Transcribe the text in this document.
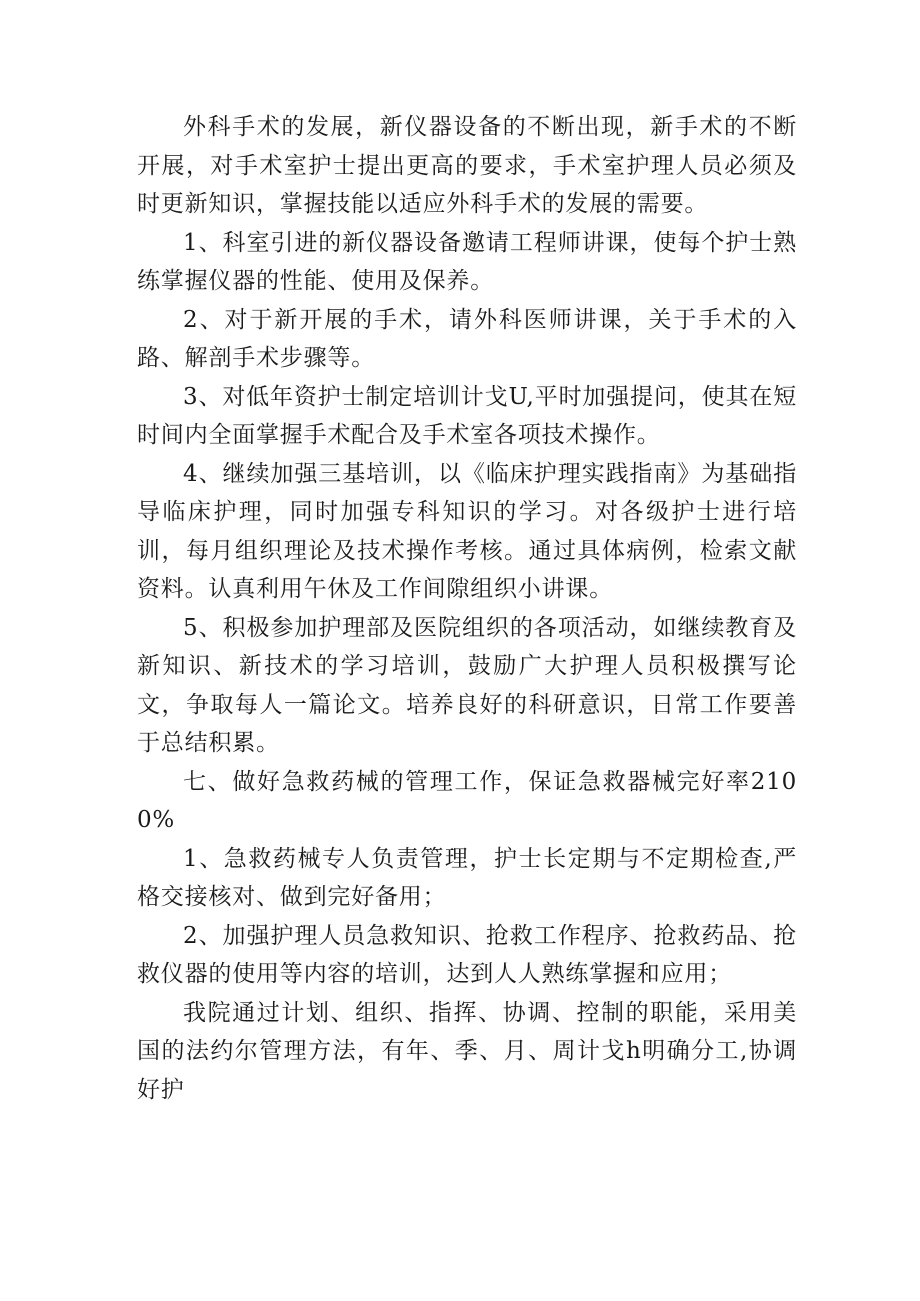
外科手术的发展，新仪器设备的不断出现，新手术的不断开展，对手术室护士提出更高的要求，手术室护理人员必须及时更新知识，掌握技能以适应外科手术的发展的需要。

1、科室引进的新仪器设备邀请工程师讲课，使每个护士熟练掌握仪器的性能、使用及保养。

2、对于新开展的手术，请外科医师讲课，关于手术的入路、解剖手术步骤等。

3、对低年资护士制定培训计戈U,平时加强提问，使其在短时间内全面掌握手术配合及手术室各项技术操作。

4、继续加强三基培训，以《临床护理实践指南》为基础指导临床护理，同时加强专科知识的学习。对各级护士进行培训，每月组织理论及技术操作考核。通过具体病例，检索文献资料。认真利用午休及工作间隙组织小讲课。

5、积极参加护理部及医院组织的各项活动，如继续教育及新知识、新技术的学习培训，鼓励广大护理人员积极撰写论文，争取每人一篇论文。培养良好的科研意识，日常工作要善于总结积累。

七、做好急救药械的管理工作，保证急救器械完好率2100%

1、急救药械专人负责管理，护士长定期与不定期检查,严格交接核对、做到完好备用；

2、加强护理人员急救知识、抢救工作程序、抢救药品、抢救仪器的使用等内容的培训，达到人人熟练掌握和应用；

我院通过计划、组织、指挥、协调、控制的职能，采用美国的法约尔管理方法，有年、季、月、周计戈h明确分工,协调好护
